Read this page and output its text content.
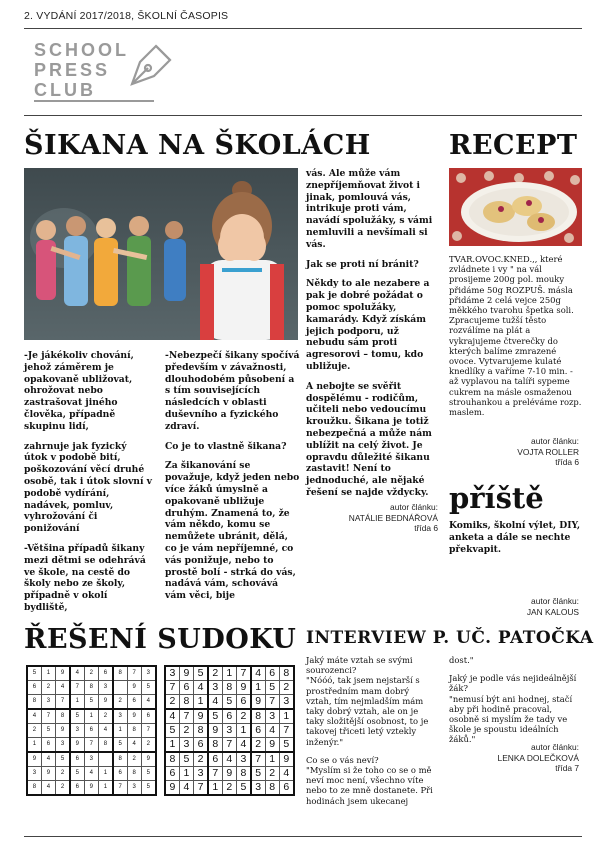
2. VYDÁNÍ 2017/2018, ŠKOLNÍ ČASOPIS
SCHOOL
PRESS
CLUB
ŠIKANA NA ŠKOLÁCH

-Je jákékoliv chování, jehož záměrem je opakovaně ubližovat, ohrožovat nebo zastrašovat jiného člověka, případně skupinu lidí,

zahrnuje jak fyzický útok v podobě bití, poškozování věcí druhé osobě, tak i útok slovní v podobě vydírání, nadávek, pomluv, vyhrožování či ponižování

-Většina případů šikany mezi dětmi se odehrává ve škole, na cestě do školy nebo ze školy, případně v okolí bydliště,

-Nebezpečí šikany spočívá především v závažnosti, dlouhodobém působení a s tím souvisejících následcích v oblasti duševního a fyzického zdraví.

Co je to vlastně šikana?

Za šikanování se považuje, když jeden nebo více žáků úmyslně a opakovaně ubližuje druhým. Znamená to, že vám někdo, komu se nemůžete ubránit, dělá, co je vám nepříjemné, co vás ponižuje, nebo to prostě bolí - strká do vás, nadává vám, schovává vám věci, bije

vás. Ale může vám znepříjemňovat život i jinak, pomlouvá vás, intrikuje proti vám, navádí spolužáky, s vámi nemluvili a nevšímali si vás.

Jak se proti ní bránit?

Někdy to ale nezabere a pak je dobré požádat o pomoc spolužáky, kamarády. Když získám jejich podporu, už nebudu sám proti agresorovi – tomu, kdo ubližuje.

A nebojte se svěřit dospělému - rodičům, učiteli nebo vedoucímu kroužku. Šikana je totiž nebezpečná a může nám ublížit na celý život. Je opravdu důležité šikanu zastavit! Není to jednoduché, ale nějaké řešení se najde vždycky.

autor článku:
NATÁLIE BEDNÁŘOVÁ
třída 6
RECEPT
TVAR.OVOC.KNED.,, které zvládnete i vy " na vál prosijeme 200g pol. mouky přidáme 50g ROZPUŠ. másla přidáme 2 celá vejce 250g měkkého tvarohu špetka soli. Zpracujeme tužší těsto rozválíme na plát a vykrajujeme čtverečky do kterých balíme zmrazené ovoce. Vytvarujeme kulaté knedlíky a vaříme 7-10 min. - až vyplavou na talíři sypeme cukrem na másle osmaženou strouhankou a preléváme rozp. maslem.
autor článku:
VOJTA ROLLER
třída 6
příště
Komiks, školní výlet, DIY, anketa a dále se nechte překvapit.
autor článku:
JAN KALOUS
ŘEŠENÍ SUDOKU
5	1	9	4	2	6	8	7	3
6	2	4	7	8	3		9	5
8	3	7	1	5	9	2	6	4
4	7	8	5	1	2	3	9	6
2	5	9	3	6	4	1	8	7
1	6	3	9	7	8	5	4	2
9	4	5	6	3		8	2	9
3	9	2	5	4	1	6	8	5
8	4	2	6	9	1	7	3	5
3	9	5	2	1	7	4	6	8
7	6	4	3	8	9	1	5	2
2	8	1	4	5	6	9	7	3
4	7	9	5	6	2	8	3	1
5	2	8	9	3	1	6	4	7
1	3	6	8	7	4	2	9	5
8	5	2	6	4	3	7	1	9
6	1	3	7	9	8	5	2	4
9	4	7	1	2	5	3	8	6
INTERVIEW P. UČ. PATOČKA

Jaký máte vztah se svými sourozenci?

"Nóóó, tak jsem nejstarší s prostředním mam dobrý vztah, tím nejmladším mám taky dobrý vztah, ale on je taky složitější osobnost, to je takovej třiceti letý vztekly inženýr."

Co se o vás neví?

"Myslím si že toho co se o mě neví moc není, všechno víte nebo to ze mně dostanete. Při hodinách jsem ukecanej

dost."

Jaký je podle vás nejideálnější žák?

"nemusí být ani hodnej, stačí aby při hodině pracoval, osobně si myslím že tady ve škole je spoustu ideálních žáků."

autor článku:
LENKA DOLEČKOVÁ
třída 7
